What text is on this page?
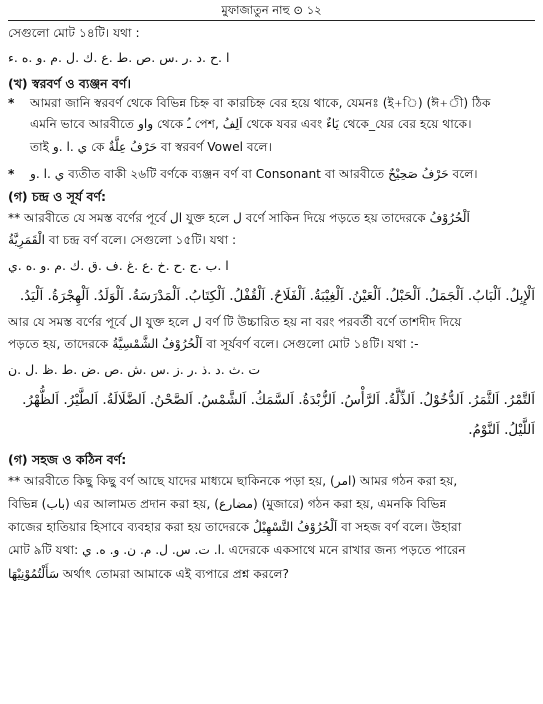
মুফাজাতুন নাহু ⊙ ১২
সেগুলো মোট ১৪টি। যথা :
ا .ح .د .ر .س .ص .ط .ع .ك .ل .م .و .ه .ء
(খ) স্বরবর্ণ ও ব্যঞ্জন বর্ণ।
* আমরা জানি স্বরবর্ণ থেকে বিভিন্ন চিহ্ন বা কারচিহ্ন বের হয়ে থাকে, যেমনঃ (ই+ি) (ঈ+ী) ঠিক
এমনি ভাবে আরবীতে واو থেকে ـُ পেশ, اَلِفُ থেকে যবর এবং يَاءٌ থেকে_যের বের হয়ে থাকে।
তাই ي .ا .و কে حَرْفُ عِلَّةٌ বা স্বরবর্ণ Vowel বলে।
* ي .ا .و ব্যতীত বাকী ২৬টি বর্ণকে ব্যঞ্জন বর্ণ বা Consonant বা আরবীতে حَرْفُ صَحِيْحٌ বলে।
(গ) চন্দ্র ও সূর্য বর্ণ:
** আরবীতে যে সমস্ত বর্ণের পূর্বে ال যুক্ত হলে ل বর্ণে সাকিন দিয়ে পড়তে হয় তাদেরকে اَلْحُرُوْفُ
الْقَمَرِيَّةُ বা চন্দ্র বর্ণ বলে। সেগুলো ১৫টি। যথা :
ا .ب .ج .ح .خ .ع .غ .ف .ق .ك .م .و .ه .ي
اَلْإِبِلُ. اَلْبَابُ. اَلْجَمَلُ. اَلْحَبْلُ. اَلْعَيْنُ. اَلْغِيْبَةُ. اَلْفَلَاحُ. اَلْقُفْلُ. اَلْكِتَابُ. اَلْمَدْرَسَةُ. اَلْوَلَدُ. اَلْهِجْرَةُ. اَلْيَدُ.
আর যে সমস্ত বর্ণের পূর্বে ال যুক্ত হলে ل বর্ণ টি উচ্চারিত হয় না বরং পরবর্তী বর্ণে তাশদীদ দিয়ে
পড়তে হয়, তাদেরকে اَلْحُرُوْفُ الشَّمْسِيَّةُ বা সূর্যবর্ণ বলে। সেগুলো মোট ১৪টি। যথা :-
ت .ث .د .ذ .ر .ز .س .ش .ص .ض .ط .ظ .ل .ن
اَلتَّمْرُ. اَلثَّمَرُ. اَلدُّخُوْلُ. اَلذِّلَّةُ. اَلرَّأْسُ. اَلزُّبْدَةُ. اَلسَّمَكُ. اَلشَّمْسُ. اَلصَّحْنُ. اَلضَّلَالَةُ. اَلطَّيْرُ. اَلظُّهْرُ.
اَللَّيْلُ. اَلنَّوْمُ.
(গ) সহজ ও কঠিন বর্ণ:
** আরবীতে কিছু কিছু বর্ণ আছে যাদের মাধ্যমে ছাকিনকে পড়া হয়, (امر) আমর গঠন করা হয়,
বিভিন্ন (باب) এর আলামত প্রদান করা হয়, (مضارع) (মুজারে) গঠন করা হয়, এমনকি বিভিন্ন
কাজের হাতিয়ার হিসাবে ব্যবহার করা হয় তাদেরকে اَلْحُرُوْفُ التَّسْهِيْلُ বা সহজ বর্ণ বলে। উহারা
মোট ৯টি যথা: ا. ت. س. ل. م. ن. و. ه. ي. এদেরকে একসাথে মনে রাখার জন্য পড়তে পারেন
سَأَلْتُمُوْنِيْهَا অর্থাৎ তোমরা আমাকে এই ব্যপারে প্রশ্ন করলে?
